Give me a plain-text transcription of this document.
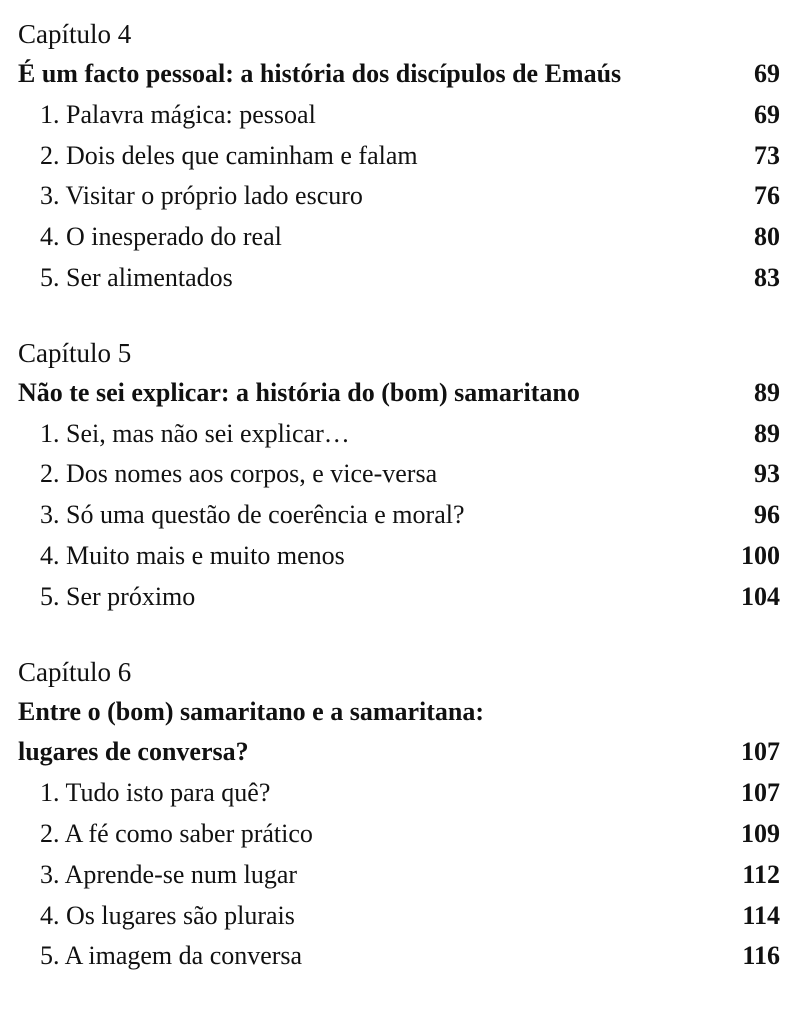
Capítulo 4
É um facto pessoal: a história dos discípulos de Emaús	69
1. Palavra mágica: pessoal	69
2. Dois deles que caminham e falam	73
3. Visitar o próprio lado escuro	76
4. O inesperado do real	80
5. Ser alimentados	83
Capítulo 5
Não te sei explicar: a história do (bom) samaritano	89
1. Sei, mas não sei explicar…	89
2. Dos nomes aos corpos, e vice-versa	93
3. Só uma questão de coerência e moral?	96
4. Muito mais e muito menos	100
5. Ser próximo	104
Capítulo 6
Entre o (bom) samaritano e a samaritana:
lugares de conversa?	107
1. Tudo isto para quê?	107
2. A fé como saber prático	109
3. Aprende-se num lugar	112
4. Os lugares são plurais	114
5. A imagem da conversa	116
